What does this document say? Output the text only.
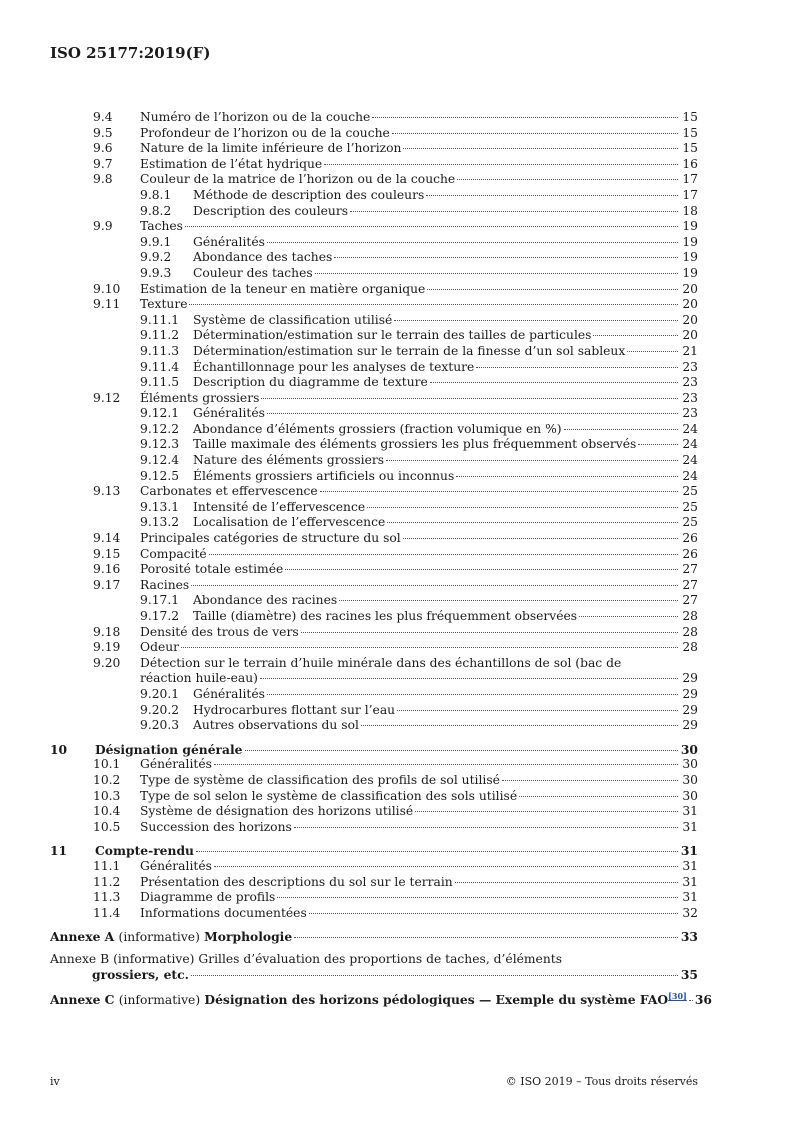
ISO 25177:2019(F)
9.4 Numéro de l’horizon ou de la couche	15
9.5 Profondeur de l’horizon ou de la couche	15
9.6 Nature de la limite inférieure de l’horizon	15
9.7 Estimation de l’état hydrique	16
9.8 Couleur de la matrice de l’horizon ou de la couche	17
9.8.1 Méthode de description des couleurs	17
9.8.2 Description des couleurs	18
9.9 Taches	19
9.9.1 Généralités	19
9.9.2 Abondance des taches	19
9.9.3 Couleur des taches	19
9.10 Estimation de la teneur en matière organique	20
9.11 Texture	20
9.11.1 Système de classification utilisé	20
9.11.2 Détermination/estimation sur le terrain des tailles de particules	20
9.11.3 Détermination/estimation sur le terrain de la finesse d’un sol sableux	21
9.11.4 Échantillonnage pour les analyses de texture	23
9.11.5 Description du diagramme de texture	23
9.12 Éléments grossiers	23
9.12.1 Généralités	23
9.12.2 Abondance d’éléments grossiers (fraction volumique en %)	24
9.12.3 Taille maximale des éléments grossiers les plus fréquemment observés	24
9.12.4 Nature des éléments grossiers	24
9.12.5 Éléments grossiers artificiels ou inconnus	24
9.13 Carbonates et effervescence	25
9.13.1 Intensité de l’effervescence	25
9.13.2 Localisation de l’effervescence	25
9.14 Principales catégories de structure du sol	26
9.15 Compacité	26
9.16 Porosité totale estimée	27
9.17 Racines	27
9.17.1 Abondance des racines	27
9.17.2 Taille (diamètre) des racines les plus fréquemment observées	28
9.18 Densité des trous de vers	28
9.19 Odeur	28
9.20 Détection sur le terrain d’huile minérale dans des échantillons de sol (bac de
réaction huile-eau)	29
9.20.1 Généralités	29
9.20.2 Hydrocarbures flottant sur l’eau	29
9.20.3 Autres observations du sol	29
10 Désignation générale	30
10.1 Généralités	30
10.2 Type de système de classification des profils de sol utilisé	30
10.3 Type de sol selon le système de classification des sols utilisé	30
10.4 Système de désignation des horizons utilisé	31
10.5 Succession des horizons	31
11 Compte-rendu	31
11.1 Généralités	31
11.2 Présentation des descriptions du sol sur le terrain	31
11.3 Diagramme de profils	31
11.4 Informations documentées	32
Annexe A (informative) Morphologie	33
Annexe B (informative) Grilles d’évaluation des proportions de taches, d’éléments
grossiers, etc.	35
Annexe C (informative) Désignation des horizons pédologiques — Exemple du système FAO[30] 36
iv	© ISO 2019 – Tous droits réservés
